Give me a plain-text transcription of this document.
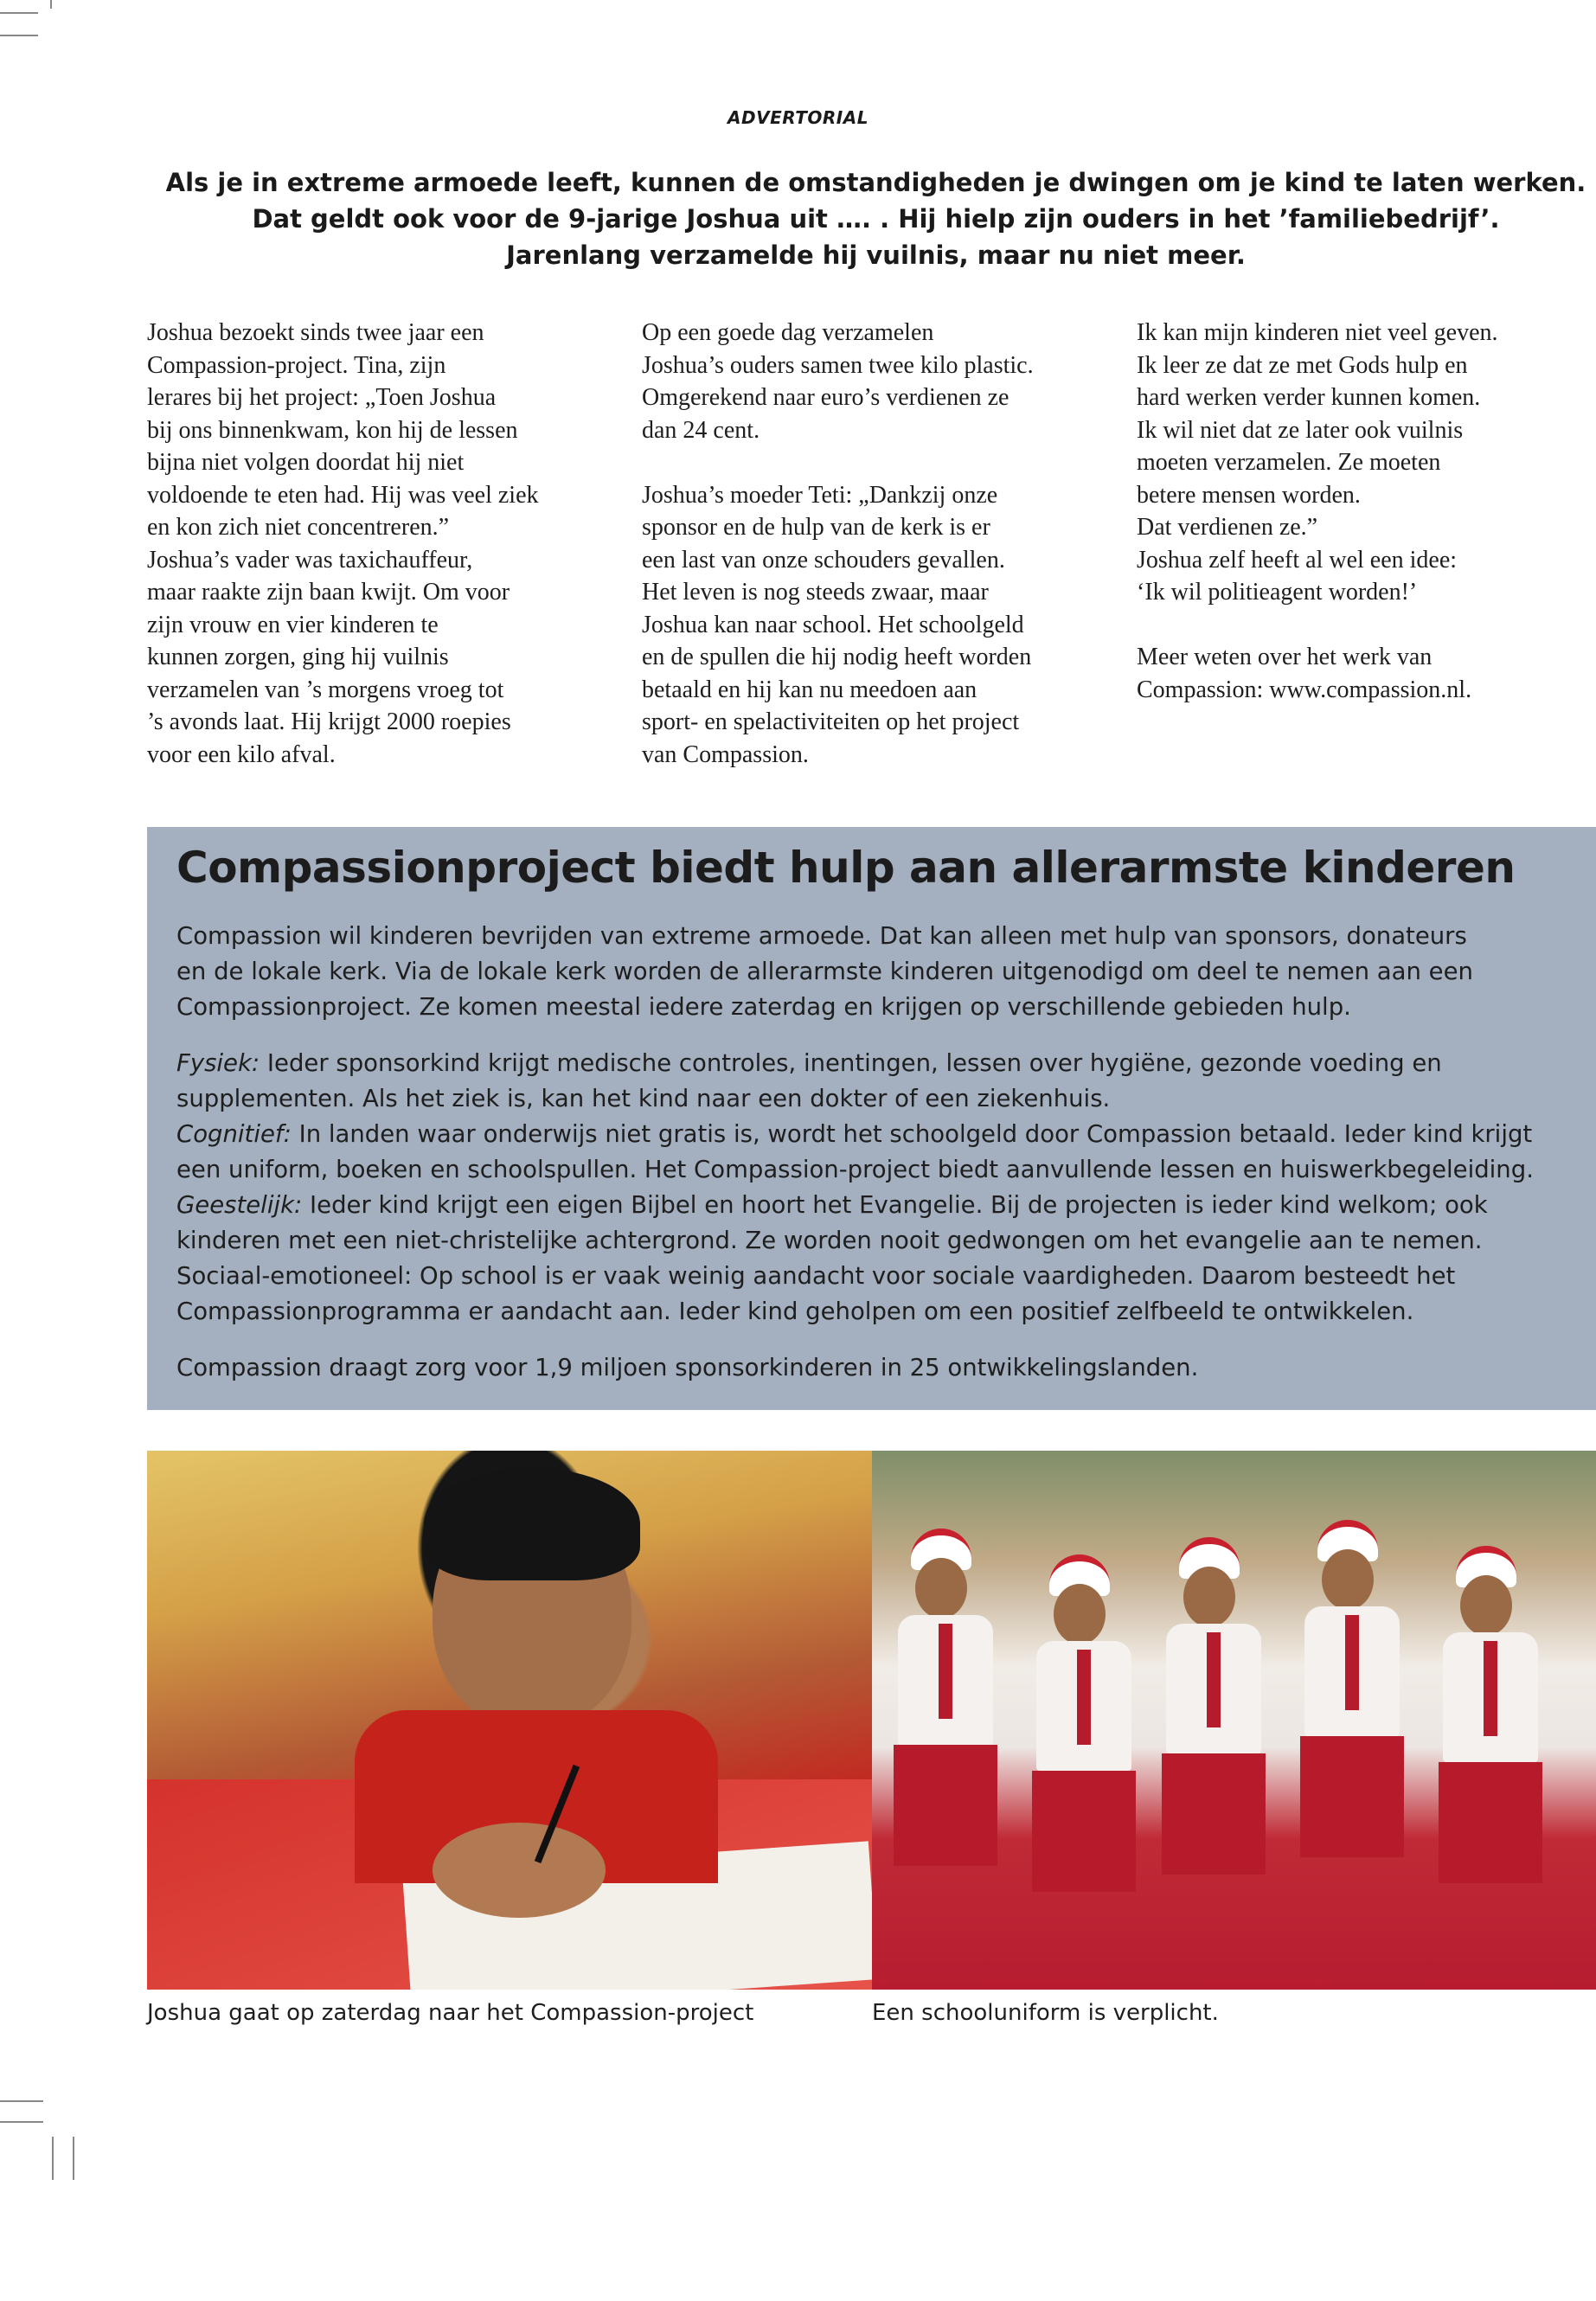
ADVERTORIAL
Als je in extreme armoede leeft, kunnen de omstandigheden je dwingen om je kind te laten werken.
Dat geldt ook voor de 9-jarige Joshua uit …. . Hij hielp zijn ouders in het ’familiebedrijf’.
Jarenlang verzamelde hij vuilnis, maar nu niet meer.
Joshua bezoekt sinds twee jaar een
Compassion-project. Tina, zijn
lerares bij het project: „Toen Joshua
bij ons binnenkwam, kon hij de lessen
bijna niet volgen doordat hij niet
voldoende te eten had. Hij was veel ziek
en kon zich niet concentreren.”
Joshua’s vader was taxichauffeur,
maar raakte zijn baan kwijt. Om voor
zijn vrouw en vier kinderen te
kunnen zorgen, ging hij vuilnis
verzamelen van ’s morgens vroeg tot
’s avonds laat. Hij krijgt 2000 roepies
voor een kilo afval.
Op een goede dag verzamelen
Joshua’s ouders samen twee kilo plastic.
Omgerekend naar euro’s verdienen ze
dan 24 cent.
Joshua’s moeder Teti: „Dankzij onze
sponsor en de hulp van de kerk is er
een last van onze schouders gevallen.
Het leven is nog steeds zwaar, maar
Joshua kan naar school. Het schoolgeld
en de spullen die hij nodig heeft worden
betaald en hij kan nu meedoen aan
sport- en spelactiviteiten op het project
van Compassion.
Ik kan mijn kinderen niet veel geven.
Ik leer ze dat ze met Gods hulp en
hard werken verder kunnen komen.
Ik wil niet dat ze later ook vuilnis
moeten verzamelen. Ze moeten
betere mensen worden.
Dat verdienen ze.”
Joshua zelf heeft al wel een idee:
‘Ik wil politieagent worden!’
Meer weten over het werk van
Compassion: www.compassion.nl.
Compassionproject biedt hulp aan allerarmste kinderen
Compassion wil kinderen bevrijden van extreme armoede. Dat kan alleen met hulp van sponsors, donateurs
en de lokale kerk. Via de lokale kerk worden de allerarmste kinderen uitgenodigd om deel te nemen aan een
Compassionproject. Ze komen meestal iedere zaterdag en krijgen op verschillende gebieden hulp.
Fysiek: Ieder sponsorkind krijgt medische controles, inentingen, lessen over hygiëne, gezonde voeding en
supplementen. Als het ziek is, kan het kind naar een dokter of een ziekenhuis.
Cognitief: In landen waar onderwijs niet gratis is, wordt het schoolgeld door Compassion betaald. Ieder kind krijgt
een uniform, boeken en schoolspullen. Het Compassion-project biedt aanvullende lessen en huiswerkbegeleiding.
Geestelijk: Ieder kind krijgt een eigen Bijbel en hoort het Evangelie. Bij de projecten is ieder kind welkom; ook
kinderen met een niet-christelijke achtergrond. Ze worden nooit gedwongen om het evangelie aan te nemen.
Sociaal-emotioneel: Op school is er vaak weinig aandacht voor sociale vaardigheden. Daarom besteedt het
Compassionprogramma er aandacht aan. Ieder kind geholpen om een positief zelfbeeld te ontwikkelen.
Compassion draagt zorg voor 1,9 miljoen sponsorkinderen in 25 ontwikkelingslanden.
Joshua gaat op zaterdag naar het Compassion-project	Een schooluniform is verplicht.
